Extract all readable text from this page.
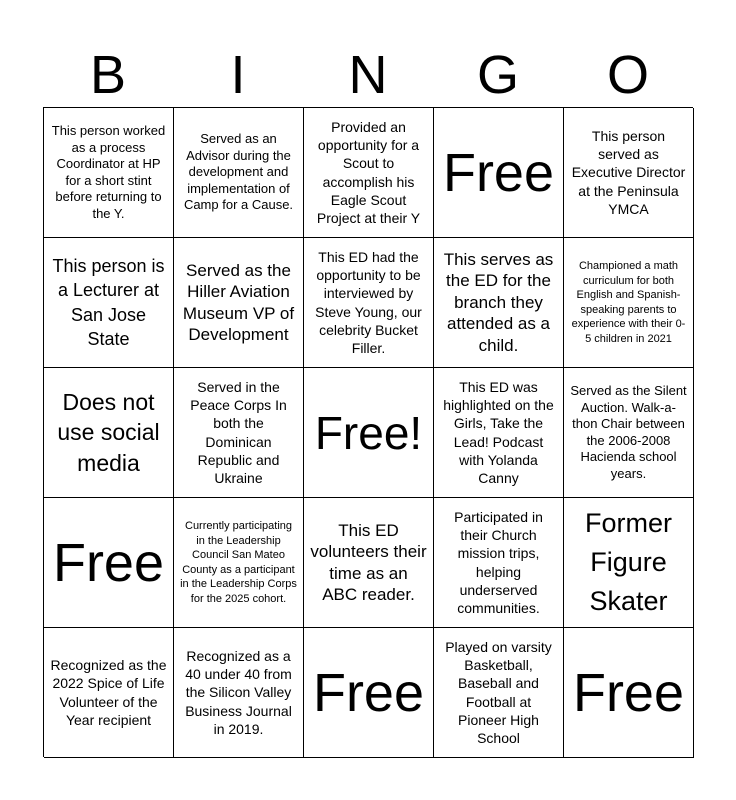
B	I	N	G	O
This person worked as a process Coordinator at HP for a short stint before returning to the Y.
Served as an Advisor during the development and implementation of Camp for a Cause.
Provided an opportunity for a Scout to accomplish his Eagle Scout Project at their Y
Free
This person served as Executive Director at the Peninsula YMCA
This person is a Lecturer at San Jose State
Served as the Hiller Aviation Museum VP of Development
This ED had the opportunity to be interviewed by Steve Young, our celebrity Bucket Filler.
This serves as the ED for the branch they attended as a child.
Championed a math curriculum for both English and Spanish-speaking parents to experience with their 0-5 children in 2021
Does not use social media
Served in the Peace Corps In both the Dominican Republic and Ukraine
Free!
This ED was highlighted on the Girls, Take the Lead! Podcast with Yolanda Canny
Served as the Silent Auction. Walk-a-thon Chair between the 2006-2008 Hacienda school years.
Free
Currently participating in the Leadership Council San Mateo County as a participant in the Leadership Corps for the 2025 cohort.
This ED volunteers their time as an ABC reader.
Participated in their Church mission trips, helping underserved communities.
Former Figure Skater
Recognized as the 2022 Spice of Life Volunteer of the Year recipient
Recognized as a 40 under 40 from the Silicon Valley Business Journal in 2019.
Free
Played on varsity Basketball, Baseball and Football at Pioneer High School
Free
